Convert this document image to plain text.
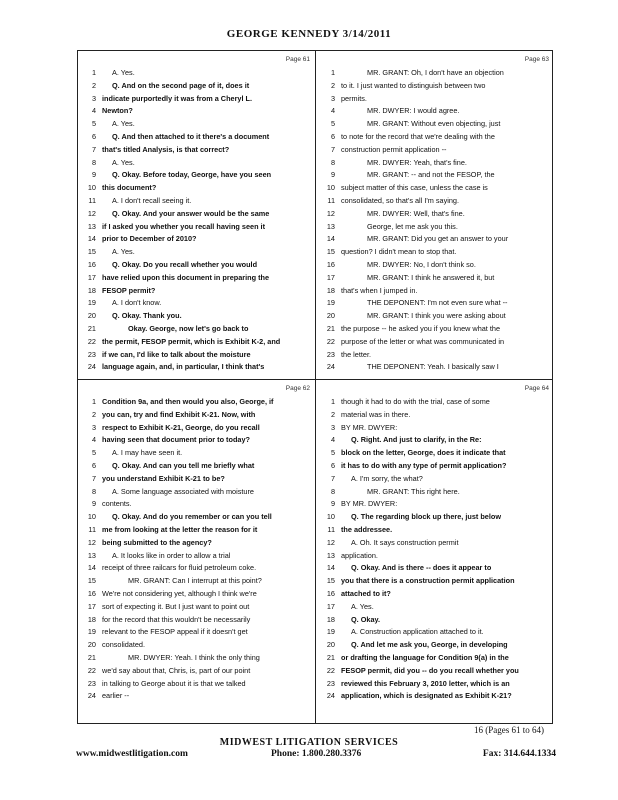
GEORGE KENNEDY 3/14/2011
Page 61
1	A. Yes.
2	Q. And on the second page of it, does it
3 indicate purportedly it was from a Cheryl L.
4 Newton?
5	A. Yes.
6	Q. And then attached to it there's a document
7 that's titled Analysis, is that correct?
8	A. Yes.
9	Q. Okay. Before today, George, have you seen
10 this document?
11	A. I don't recall seeing it.
12	Q. Okay. And your answer would be the same
13 if I asked you whether you recall having seen it
14 prior to December of 2010?
15	A. Yes.
16	Q. Okay. Do you recall whether you would
17 have relied upon this document in preparing the
18 FESOP permit?
19	A. I don't know.
20	Q. Okay. Thank you.
21	Okay. George, now let's go back to
22 the permit, FESOP permit, which is Exhibit K-2, and
23 if we can, I'd like to talk about the moisture
24 language again, and, in particular, I think that's
Page 63
1	MR. GRANT: Oh, I don't have an objection
2 to it. I just wanted to distinguish between two
3 permits.
4	MR. DWYER: I would agree.
5	MR. GRANT: Without even objecting, just
6 to note for the record that we're dealing with the
7 construction permit application --
8	MR. DWYER: Yeah, that's fine.
9	MR. GRANT: -- and not the FESOP, the
10 subject matter of this case, unless the case is
11 consolidated, so that's all I'm saying.
12	MR. DWYER: Well, that's fine.
13	George, let me ask you this.
14	MR. GRANT: Did you get an answer to your
15 question? I didn't mean to stop that.
16	MR. DWYER: No, I don't think so.
17	MR. GRANT: I think he answered it, but
18 that's when I jumped in.
19	THE DEPONENT: I'm not even sure what --
20	MR. GRANT: I think you were asking about
21 the purpose -- he asked you if you knew what the
22 purpose of the letter or what was communicated in
23 the letter.
24	THE DEPONENT: Yeah. I basically saw I
Page 62
1 Condition 9a, and then would you also, George, if
2 you can, try and find Exhibit K-21. Now, with
3 respect to Exhibit K-21, George, do you recall
4 having seen that document prior to today?
5	A. I may have seen it.
6	Q. Okay. And can you tell me briefly what
7 you understand Exhibit K-21 to be?
8	A. Some language associated with moisture
9 contents.
10	Q. Okay. And do you remember or can you tell
11 me from looking at the letter the reason for it
12 being submitted to the agency?
13	A. It looks like in order to allow a trial
14 receipt of three railcars for fluid petroleum coke.
15	MR. GRANT: Can I interrupt at this point?
16 We're not considering yet, although I think we're
17 sort of expecting it. But I just want to point out
18 for the record that this wouldn't be necessarily
19 relevant to the FESOP appeal if it doesn't get
20 consolidated.
21	MR. DWYER: Yeah. I think the only thing
22 we'd say about that, Chris, is, part of our point
23 in talking to George about it is that we talked
24 earlier --
Page 64
1 though it had to do with the trial, case of some
2 material was in there.
3 BY MR. DWYER:
4	Q. Right. And just to clarify, in the Re:
5 block on the letter, George, does it indicate that
6 it has to do with any type of permit application?
7	A. I'm sorry, the what?
8	MR. GRANT: This right here.
9 BY MR. DWYER:
10	Q. The regarding block up there, just below
11 the addressee.
12	A. Oh. It says construction permit
13 application.
14	Q. Okay. And is there -- does it appear to
15 you that there is a construction permit application
16 attached to it?
17	A. Yes.
18	Q. Okay.
19	A. Construction application attached to it.
20	Q. And let me ask you, George, in developing
21 or drafting the language for Condition 9(a) in the
22 FESOP permit, did you -- do you recall whether you
23 reviewed this February 3, 2010 letter, which is an
24 application, which is designated as Exhibit K-21?
16 (Pages 61 to 64)
MIDWEST LITIGATION SERVICES
www.midwestlitigation.com	Phone: 1.800.280.3376	Fax: 314.644.1334
